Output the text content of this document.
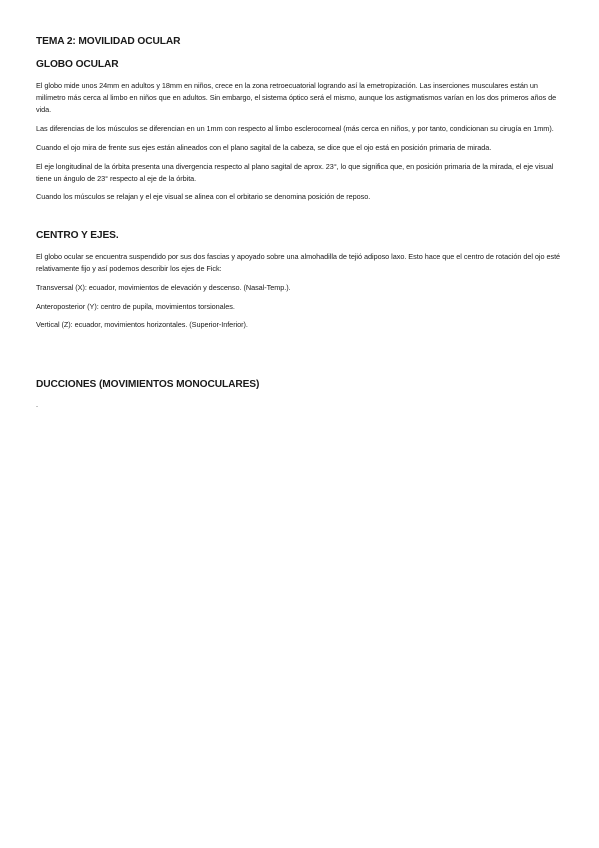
TEMA 2: MOVILIDAD OCULAR
GLOBO OCULAR

El globo mide unos 24mm en adultos y 18mm en niños, crece en la zona retroecuatorial logrando así la emetropización. Las inserciones musculares están un milímetro más cerca al limbo en niños que en adultos. Sin embargo, el sistema óptico será el mismo, aunque los astigmatismos varían en los dos primeros años de vida.

Las diferencias de los músculos se diferencian en un 1mm con respecto al limbo esclerocorneal (más cerca en niños, y por tanto, condicionan su cirugía en 1mm).

Cuando el ojo mira de frente sus ejes están alineados con el plano sagital de la cabeza, se dice que el ojo está en posición primaria de mirada.

El eje longitudinal de la órbita presenta una divergencia respecto al plano sagital de aprox. 23°, lo que significa que, en posición primaria de la mirada, el eje visual tiene un ángulo de 23° respecto al eje de la órbita.

Cuando los músculos se relajan y el eje visual se alinea con el orbitario se denomina posición de reposo.

CENTRO Y EJES.

El globo ocular se encuentra suspendido por sus dos fascias y apoyado sobre una almohadilla de tejió adiposo laxo. Esto hace que el centro de rotación del ojo esté relativamente fijo y así podemos describir los ejes de Fick:

Transversal (X): ecuador, movimientos de elevación y descenso. (Nasal-Temp.).

Anteroposterior (Y): centro de pupila, movimientos torsionales.

Vertical (Z): ecuador, movimientos horizontales. (Superior-Inferior).

DUCCIONES (MOVIMIENTOS MONOCULARES)

.
